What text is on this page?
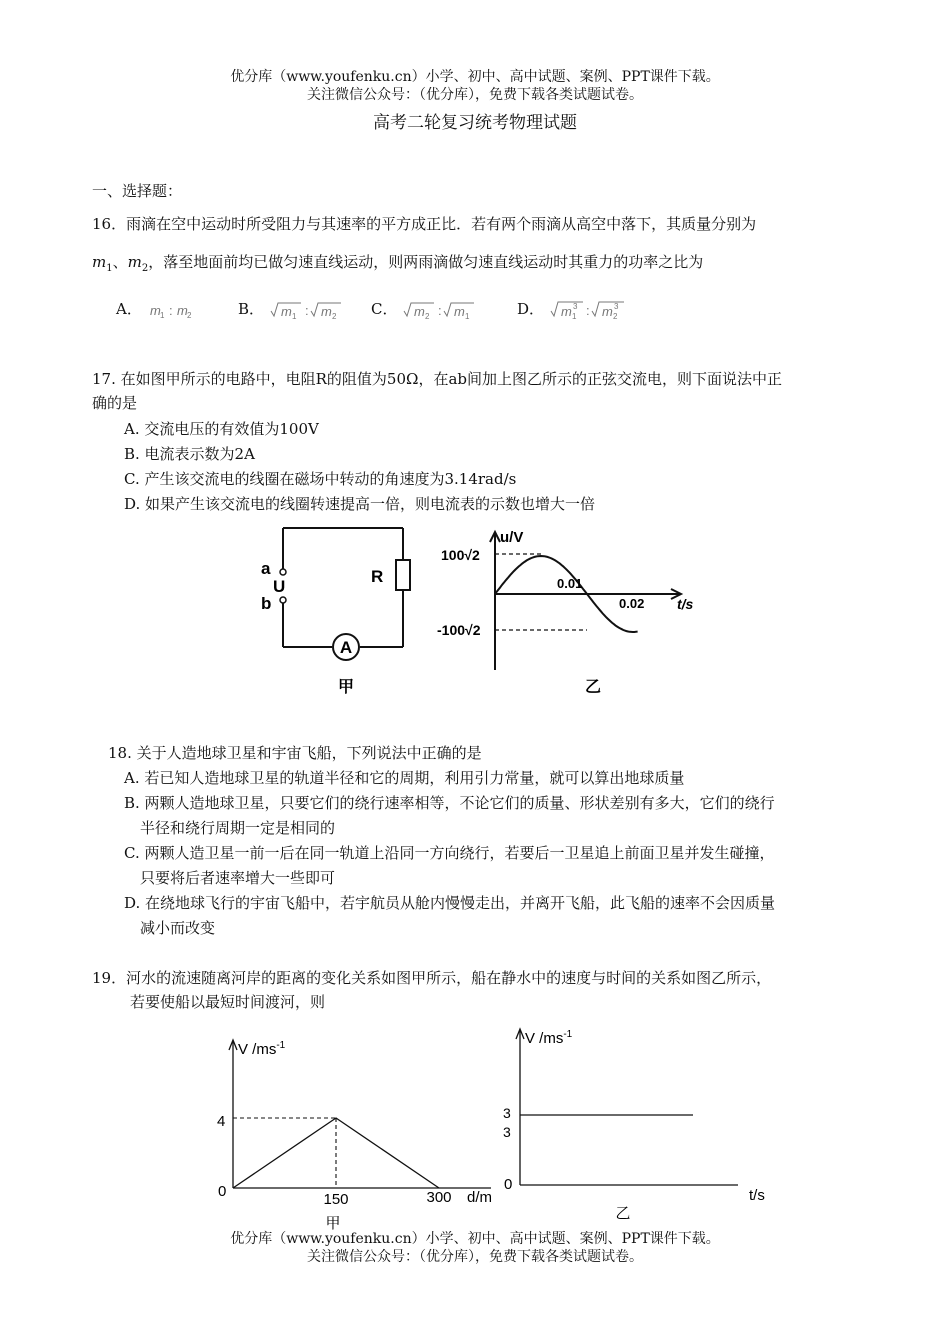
优分库（www.youfenku.cn）小学、初中、高中试题、案例、PPT课件下载。
关注微信公众号：（优分库），免费下载各类试题试卷。
高考二轮复习统考物理试题
一、选择题：
16．雨滴在空中运动时所受阻力与其速率的平方成正比．若有两个雨滴从高空中落下，其质量分别为
$m_1$、$m_2$，落至地面前均已做匀速直线运动，则两雨滴做匀速直线运动时其重力的功率之比为
A． m 1 : m 2	B． m 1 : m 2 C． m 2 : m 1	D． m 1
3 : m 2
3
17. 在如图甲所示的电路中，电阻R的阻值为50Ω，在ab间加上图乙所示的正弦交流电，则下面说法中正
确的是
A. 交流电压的有效值为100V
B. 电流表示数为2A
C. 产生该交流电的线圈在磁场中转动的角速度为3.14rad/s
D. 如果产生该交流电的线圈转速提高一倍，则电流表的示数也增大一倍
A
a
U
b
R
甲
u/V
100√2
-100√2
0.01
0.02 t/s
乙
18. 关于人造地球卫星和宇宙飞船，下列说法中正确的是
A. 若已知人造地球卫星的轨道半径和它的周期，利用引力常量，就可以算出地球质量
B. 两颗人造地球卫星，只要它们的绕行速率相等，不论它们的质量、形状差别有多大，它们的绕行
半径和绕行周期一定是相同的
C. 两颗人造卫星一前一后在同一轨道上沿同一方向绕行，若要后一卫星追上前面卫星并发生碰撞，
只要将后者速率增大一些即可
D. 在绕地球飞行的宇宙飞船中，若宇航员从舱内慢慢走出，并离开飞船，此飞船的速率不会因质量
减小而改变
19．河水的流速随离河岸的距离的变化关系如图甲所示，船在静水中的速度与时间的关系如图乙所示，
若要使船以最短时间渡河，则
V $/ms^{-1}$
4
0	150	300 d/m
甲
V $/ms^{-1}$
3
3
0
t/s
乙
优分库（www.youfenku.cn）小学、初中、高中试题、案例、PPT课件下载。
关注微信公众号：（优分库），免费下载各类试题试卷。
